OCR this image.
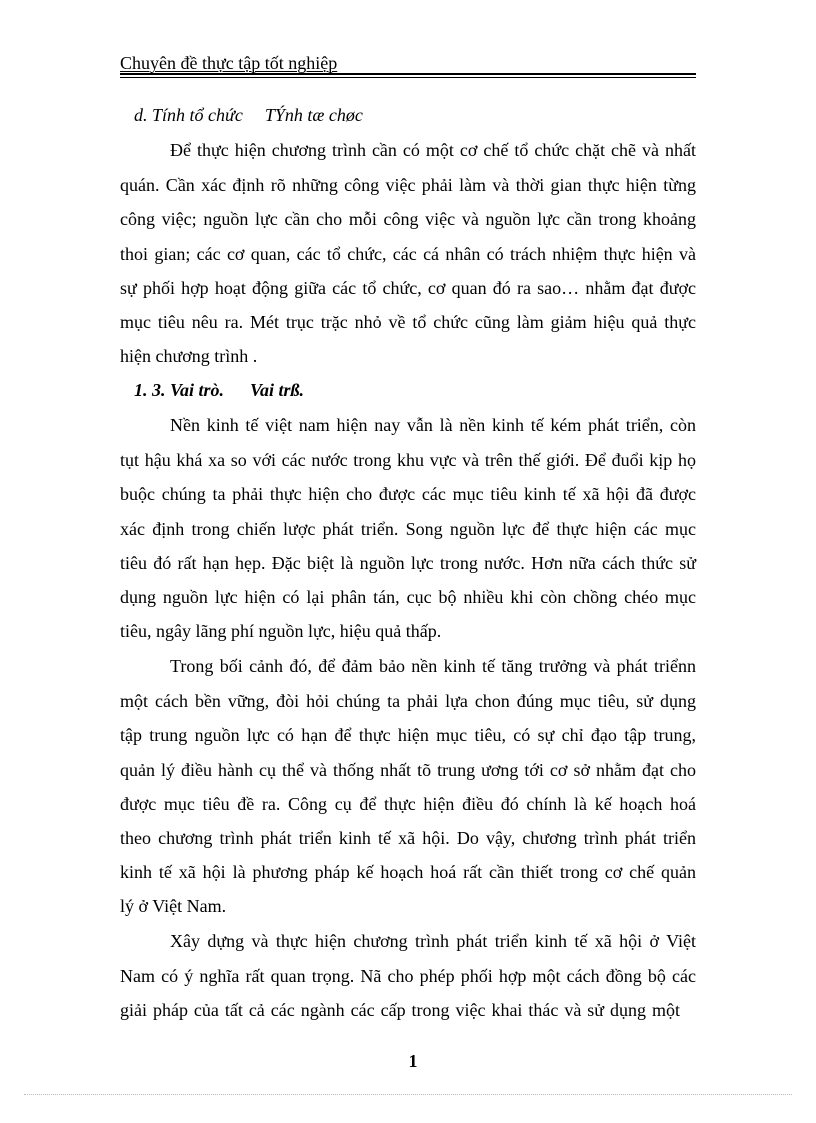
Chuyên đề thực tập tốt nghiệp
d. Tính tổ chức TÝnh tæ chøc
Để thực hiện chương trình cần có một cơ chế tổ chức chặt chẽ và nhất
quán. Cần xác định rõ những công việc phải làm và thời gian thực hiện từng
công việc; nguồn lực cần cho mỗi công việc và nguồn lực cần trong khoảng
thoi gian; các cơ quan, các tổ chức, các cá nhân có trách nhiệm thực hiện và
sự phối hợp hoạt động giữa các tổ chức, cơ quan đó ra sao… nhằm đạt được
mục tiêu nêu ra. Mét trục trặc nhỏ về tổ chức cũng làm giảm hiệu quả thực
hiện chương trình .
1. 3. Vai trò. Vai trß.
Nền kinh tế việt nam hiện nay vẫn là nền kinh tế kém phát triển, còn
tụt hậu khá xa so với các nước trong khu vực và trên thế giới. Để đuổi kịp họ
buộc chúng ta phải thực hiện cho được các mục tiêu kinh tế xã hội đã được
xác định trong chiến lược phát triển. Song nguồn lực để thực hiện các mục
tiêu đó rất hạn hẹp. Đặc biệt là nguồn lực trong nước. Hơn nữa cách thức sử
dụng nguồn lực hiện có lại phân tán, cục bộ nhiều khi còn chồng chéo mục
tiêu, ngây lãng phí nguồn lực, hiệu quả thấp.
Trong bối cảnh đó, để đảm bảo nền kinh tế tăng trưởng và phát triểnn
một cách bền vững, đòi hỏi chúng ta phải lựa chon đúng mục tiêu, sử dụng
tập trung nguồn lực có hạn để thực hiện mục tiêu, có sự chỉ đạo tập trung,
quản lý điều hành cụ thể và thống nhất tõ trung ương tới cơ sở nhằm đạt cho
được mục tiêu đề ra. Công cụ để thực hiện điều đó chính là kế hoạch hoá
theo chương trình phát triển kinh tế xã hội. Do vậy, chương trình phát triển
kinh tế xã hội là phương pháp kế hoạch hoá rất cần thiết trong cơ chế quản
lý ở Việt Nam.
Xây dựng và thực hiện chương trình phát triển kinh tế xã hội ở Việt
Nam có ý nghĩa rất quan trọng. Nã cho phép phối hợp một cách đồng bộ các
giải pháp của tất cả các ngành các cấp trong việc khai thác và sử dụng một
1
